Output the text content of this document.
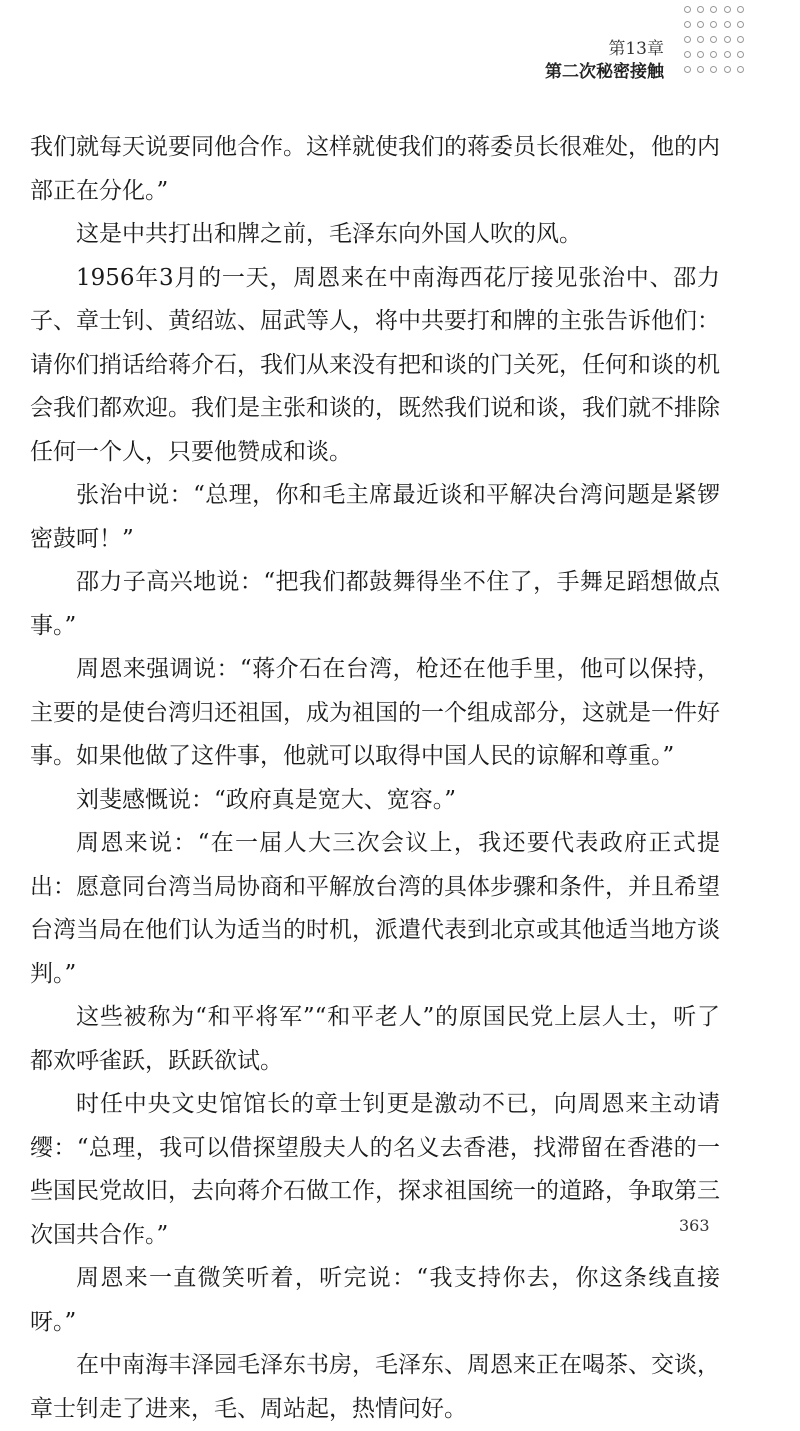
第13章
第二次秘密接触

我们就每天说要同他合作。这样就使我们的蒋委员长很难处，他的内部正在分化。”

这是中共打出和牌之前，毛泽东向外国人吹的风。

1956年3月的一天，周恩来在中南海西花厅接见张治中、邵力子、章士钊、黄绍竑、屈武等人，将中共要打和牌的主张告诉他们：请你们捎话给蒋介石，我们从来没有把和谈的门关死，任何和谈的机会我们都欢迎。我们是主张和谈的，既然我们说和谈，我们就不排除任何一个人，只要他赞成和谈。

张治中说：“总理，你和毛主席最近谈和平解决台湾问题是紧锣密鼓呵！”

邵力子高兴地说：“把我们都鼓舞得坐不住了，手舞足蹈想做点事。”

周恩来强调说：“蒋介石在台湾，枪还在他手里，他可以保持，主要的是使台湾归还祖国，成为祖国的一个组成部分，这就是一件好事。如果他做了这件事，他就可以取得中国人民的谅解和尊重。”

刘斐感慨说：“政府真是宽大、宽容。”

周恩来说：“在一届人大三次会议上，我还要代表政府正式提出：愿意同台湾当局协商和平解放台湾的具体步骤和条件，并且希望台湾当局在他们认为适当的时机，派遣代表到北京或其他适当地方谈判。”

这些被称为“和平将军”“和平老人”的原国民党上层人士，听了都欢呼雀跃，跃跃欲试。

时任中央文史馆馆长的章士钊更是激动不已，向周恩来主动请缨：“总理，我可以借探望殷夫人的名义去香港，找滞留在香港的一些国民党故旧，去向蒋介石做工作，探求祖国统一的道路，争取第三次国共合作。”

周恩来一直微笑听着，听完说：“我支持你去，你这条线直接呀。”

在中南海丰泽园毛泽东书房，毛泽东、周恩来正在喝茶、交谈，章士钊走了进来，毛、周站起，热情问好。

363
